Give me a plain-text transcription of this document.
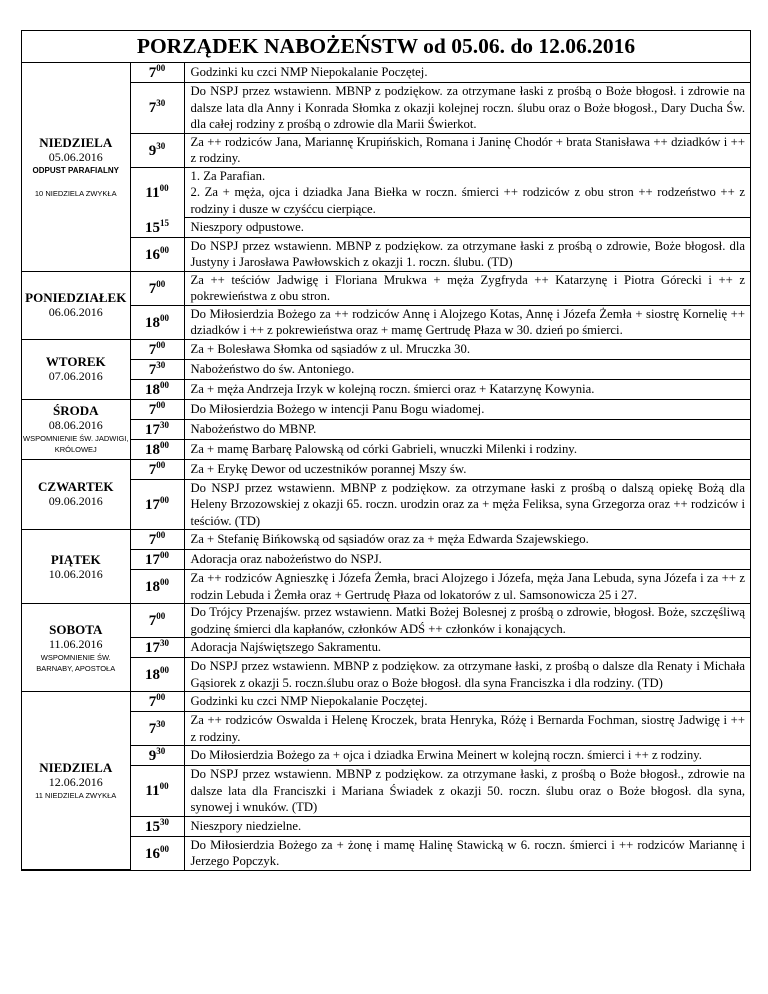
PORZĄDEK NABOŻEŃSTW od 05.06. do 12.06.2016
NIEDZIELA
05.06.2016
ODPUST PARAFIALNY
10 NIEDZIELA ZWYKŁA	$7^{00}$	Godzinki ku czci NMP Niepokalanie Poczętej.
	$7^{30}$	Do NSPJ przez wstawienn. MBNP z podziękow. za otrzymane łaski z prośbą o Boże błogosł. i zdrowie na dalsze lata dla Anny i Konrada Słomka z okazji kolejnej roczn. ślubu oraz o Boże błogosł., Dary Ducha Św. dla całej rodziny z prośbą o zdrowie dla Marii Świerkot.
	$9^{30}$	Za ++ rodziców Jana, Mariannę Krupińskich, Romana i Janinę Chodór + brata Stanisława ++ dziadków i ++ z rodziny.
	$11^{00}$	1. Za Parafian.
		2. Za + męża, ojca i dziadka Jana Biełka w roczn. śmierci ++ rodziców z obu stron ++ rodzeństwo ++ z rodziny i dusze w czyśćcu cierpiące.
	$15^{15}$	Nieszpory odpustowe.
	$16^{00}$	Do NSPJ przez wstawienn. MBNP z podziękow. za otrzymane łaski z prośbą o zdrowie, Boże błogosł. dla Justyny i Jarosława Pawłowskich z okazji 1. roczn. ślubu. (TD)

PONIEDZIAŁEK
06.06.2016	$7^{00}$	Za ++ teściów Jadwigę i Floriana Mrukwa + męża Zygfryda ++ Katarzynę i Piotra Górecki i ++ z pokrewieństwa z obu stron.
	$18^{00}$	Do Miłosierdzia Bożego za ++ rodziców Annę i Alojzego Kotas, Annę i Józefa Żemła + siostrę Kornelię ++ dziadków i ++ z pokrewieństwa oraz + mamę Gertrudę Płaza w 30. dzień po śmierci.

WTOREK
07.06.2016	$7^{00}$	Za + Bolesława Słomka od sąsiadów z ul. Mruczka 30.
	$7^{30}$	Nabożeństwo do św. Antoniego.
	$18^{00}$	Za + męża Andrzeja Irzyk w kolejną roczn. śmierci oraz + Katarzynę Kowynia.

ŚRODA
08.06.2016
WSPOMNIENIE ŚW. JADWIGI, KRÓLOWEJ	$7^{00}$	Do Miłosierdzia Bożego w intencji Panu Bogu wiadomej.
	$17^{30}$	Nabożeństwo do MBNP.
	$18^{00}$	Za + mamę Barbarę Palowską od córki Gabrieli, wnuczki Milenki i rodziny.

CZWARTEK
09.06.2016	$7^{00}$	Za + Erykę Dewor od uczestników porannej Mszy św.
	$17^{00}$	Do NSPJ przez wstawienn. MBNP z podziękow. za otrzymane łaski z prośbą o dalszą opiekę Bożą dla Heleny Brzozowskiej z okazji 65. roczn. urodzin oraz za + męża Feliksa, syna Grzegorza oraz ++ rodziców i teściów. (TD)

PIĄTEK
10.06.2016	$7^{00}$	Za + Stefanię Bińkowską od sąsiadów oraz za + męża Edwarda Szajewskiego.
	$17^{00}$	Adoracja oraz nabożeństwo do NSPJ.
	$18^{00}$	Za ++ rodziców Agnieszkę i Józefa Żemła, braci Alojzego i Józefa, męża Jana Lebuda, syna Józefa i za ++ z rodzin Lebuda i Żemła oraz + Gertrudę Płaza od lokatorów z ul. Samsonowicza 25 i 27.

SOBOTA
11.06.2016
WSPOMNIENIE ŚW. BARNABY, APOSTOŁA	$7^{00}$	Do Trójcy Przenajśw. przez wstawienn. Matki Bożej Bolesnej z prośbą o zdrowie, błogosł. Boże, szczęśliwą godzinę śmierci dla kapłanów, członków ADŚ ++ członków i konających.
	$17^{30}$	Adoracja Najświętszego Sakramentu.
	$18^{00}$	Do NSPJ przez wstawienn. MBNP z podziękow. za otrzymane łaski, z prośbą o dalsze dla Renaty i Michała Gąsiorek z okazji 5. roczn.ślubu oraz o Boże błogosł. dla syna Franciszka i dla rodziny. (TD)

NIEDZIELA
12.06.2016
11 NIEDZIELA ZWYKŁA	$7^{00}$	Godzinki ku czci NMP Niepokalanie Poczętej.
	$7^{30}$	Za ++ rodziców Oswalda i Helenę Kroczek, brata Henryka, Różę i Bernarda Fochman, siostrę Jadwigę i ++ z rodziny.
	$9^{30}$	Do Miłosierdzia Bożego za + ojca i dziadka Erwina Meinert w kolejną roczn. śmierci i ++ z rodziny.
	$11^{00}$	Do NSPJ przez wstawienn. MBNP z podziękow. za otrzymane łaski, z prośbą o Boże błogosł., zdrowie na dalsze lata dla Franciszki i Mariana Świadek z okazji 50. roczn. ślubu oraz o Boże błogosł. dla syna, synowej i wnuków. (TD)
	$15^{30}$	Nieszpory niedzielne.
	$16^{00}$	Do Miłosierdzia Bożego za + żonę i mamę Halinę Stawicką w 6. roczn. śmierci i ++ rodziców Mariannę i Jerzego Popczyk.
